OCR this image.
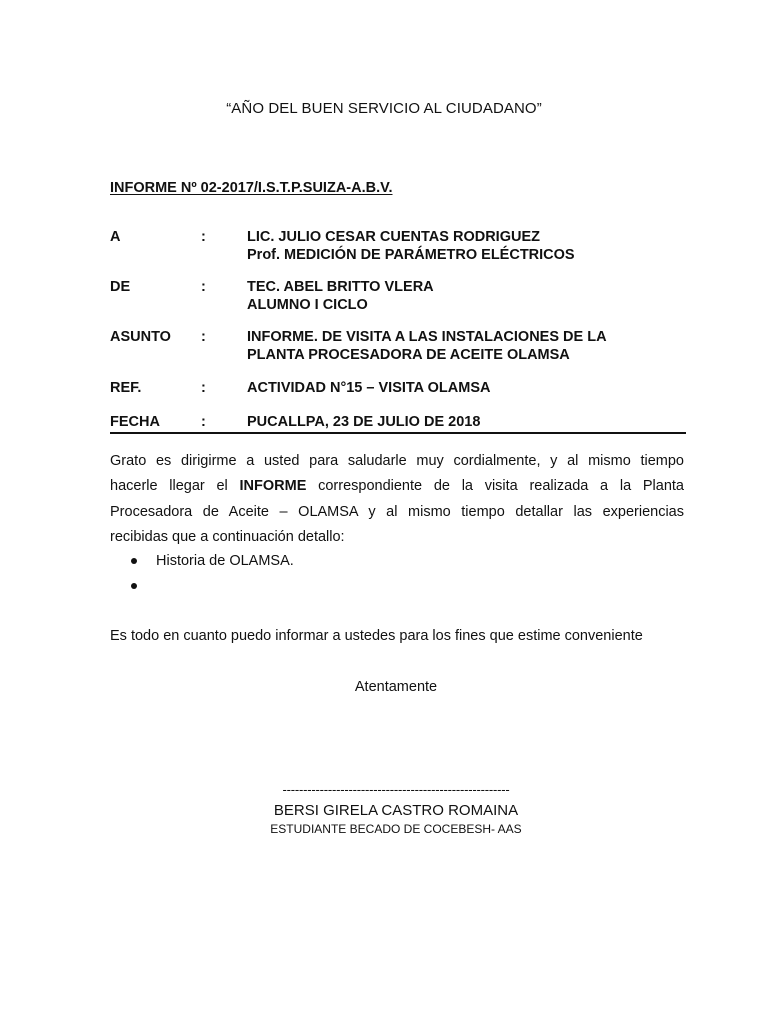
“AÑO DEL BUEN SERVICIO AL CIUDADANO”
INFORME Nº 02-2017/I.S.T.P.SUIZA-A.B.V.
A	:	LIC. JULIO CESAR CUENTAS RODRIGUEZ
Prof. MEDICIÓN DE PARÁMETRO ELÉCTRICOS
DE	:	TEC. ABEL BRITTO VLERA
ALUMNO I CICLO
ASUNTO :	INFORME. DE VISITA A LAS INSTALACIONES DE LA
PLANTA PROCESADORA DE ACEITE OLAMSA
REF.	:	ACTIVIDAD N°15 – VISITA OLAMSA
FECHA	:	PUCALLPA, 23 DE JULIO DE 2018
Grato es dirigirme a usted para saludarle muy cordialmente, y al mismo tiempo
hacerle llegar el INFORME correspondiente de la visita realizada a la Planta
Procesadora de Aceite – OLAMSA y al mismo tiempo detallar las experiencias
recibidas que a continuación detallo:
Historia de OLAMSA.
Es todo en cuanto puedo informar a ustedes para los fines que estime conveniente
Atentamente
-------------------------------------------------------
BERSI GIRELA CASTRO ROMAINA
ESTUDIANTE BECADO DE COCEBESH- AAS
